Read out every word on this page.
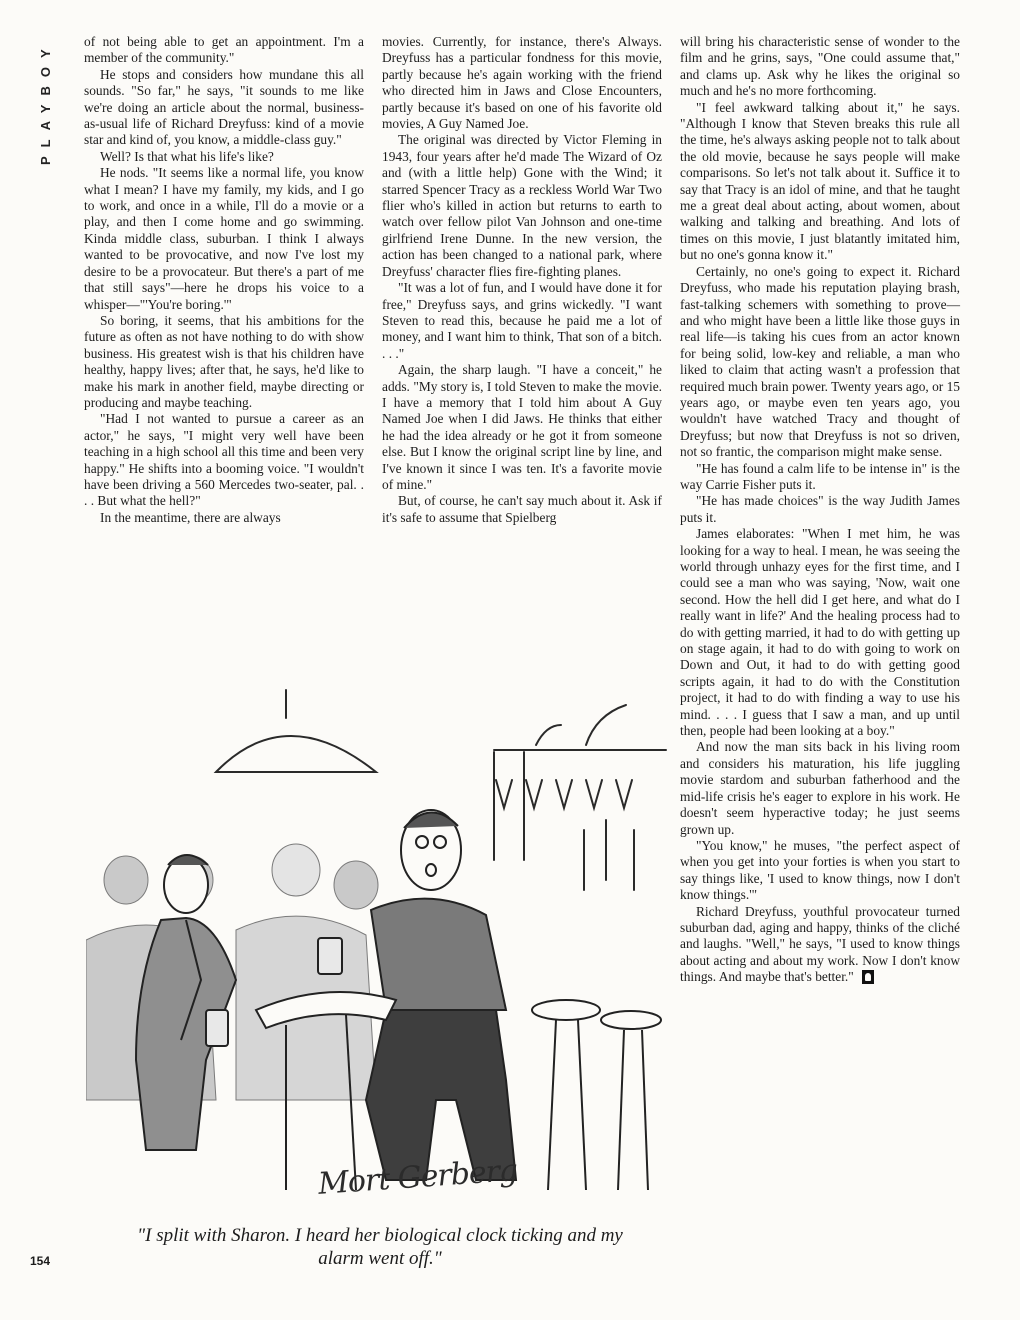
PLAYBOY	of not being able to get an appointment. I'm a member of the community."

He stops and considers how mundane this all sounds. "So far," he says, "it sounds to me like we're doing an article about the normal, business-as-usual life of Richard Dreyfuss: kind of a movie star and kind of, you know, a middle-class guy."

Well? Is that what his life's like?

He nods. "It seems like a normal life, you know what I mean? I have my family, my kids, and I go to work, and once in a while, I'll do a movie or a play, and then I come home and go swimming. Kinda middle class, suburban. I think I always wanted to be provocative, and now I've lost my desire to be a provocateur. But there's a part of me that still says"—here he drops his voice to a whisper—"'You're boring.'"

So boring, it seems, that his ambitions for the future as often as not have nothing to do with show business. His greatest wish is that his children have healthy, happy lives; after that, he says, he'd like to make his mark in another field, maybe directing or producing and maybe teaching.

"Had I not wanted to pursue a career as an actor," he says, "I might very well have been teaching in a high school all this time and been very happy." He shifts into a booming voice. "I wouldn't have been driving a 560 Mercedes two-seater, pal. . . . But what the hell?"

In the meantime, there are always

movies. Currently, for instance, there's Always. Dreyfuss has a particular fondness for this movie, partly because he's again working with the friend who directed him in Jaws and Close Encounters, partly because it's based on one of his favorite old movies, A Guy Named Joe.

The original was directed by Victor Fleming in 1943, four years after he'd made The Wizard of Oz and (with a little help) Gone with the Wind; it starred Spencer Tracy as a reckless World War Two flier who's killed in action but returns to earth to watch over fellow pilot Van Johnson and one-time girlfriend Irene Dunne. In the new version, the action has been changed to a national park, where Dreyfuss' character flies fire-fighting planes.

"It was a lot of fun, and I would have done it for free," Dreyfuss says, and grins wickedly. "I want Steven to read this, because he paid me a lot of money, and I want him to think, That son of a bitch. . . ."

Again, the sharp laugh. "I have a conceit," he adds. "My story is, I told Steven to make the movie. I have a memory that I told him about A Guy Named Joe when I did Jaws. He thinks that either he had the idea already or he got it from someone else. But I know the original script line by line, and I've known it since I was ten. It's a favorite movie of mine."

But, of course, he can't say much about it. Ask if it's safe to assume that Spielberg

will bring his characteristic sense of wonder to the film and he grins, says, "One could assume that," and clams up. Ask why he likes the original so much and he's no more forthcoming.

"I feel awkward talking about it," he says. "Although I know that Steven breaks this rule all the time, he's always asking people not to talk about the old movie, because he says people will make comparisons. So let's not talk about it. Suffice it to say that Tracy is an idol of mine, and that he taught me a great deal about acting, about women, about walking and talking and breathing. And lots of times on this movie, I just blatantly imitated him, but no one's gonna know it."

Certainly, no one's going to expect it. Richard Dreyfuss, who made his reputation playing brash, fast-talking schemers with something to prove—and who might have been a little like those guys in real life—is taking his cues from an actor known for being solid, low-key and reliable, a man who liked to claim that acting wasn't a profession that required much brain power. Twenty years ago, or 15 years ago, or maybe even ten years ago, you wouldn't have watched Tracy and thought of Dreyfuss; but now that Dreyfuss is not so driven, not so frantic, the comparison might make sense.

"He has found a calm life to be intense in" is the way Carrie Fisher puts it.

"He has made choices" is the way Judith James puts it.

James elaborates: "When I met him, he was looking for a way to heal. I mean, he was seeing the world through unhazy eyes for the first time, and I could see a man who was saying, 'Now, wait one second. How the hell did I get here, and what do I really want in life?' And the healing process had to do with getting married, it had to do with getting up on stage again, it had to do with going to work on Down and Out, it had to do with getting good scripts again, it had to do with the Constitution project, it had to do with finding a way to use his mind. . . . I guess that I saw a man, and up until then, people had been looking at a boy."

And now the man sits back in his living room and considers his maturation, his life juggling movie stardom and suburban fatherhood and the mid-life crisis he's eager to explore in his work. He doesn't seem hyperactive today; he just seems grown up.

"You know," he muses, "the perfect aspect of when you get into your forties is when you start to say things like, 'I used to know things, now I don't know things.'"

Richard Dreyfuss, youthful provocateur turned suburban dad, aging and happy, thinks of the cliché and laughs. "Well," he says, "I used to know things about acting and about my work. Now I don't know things. And maybe that's better."

Mort Gerberg
"I split with Sharon. I heard her biological clock ticking and my alarm went off."
154
